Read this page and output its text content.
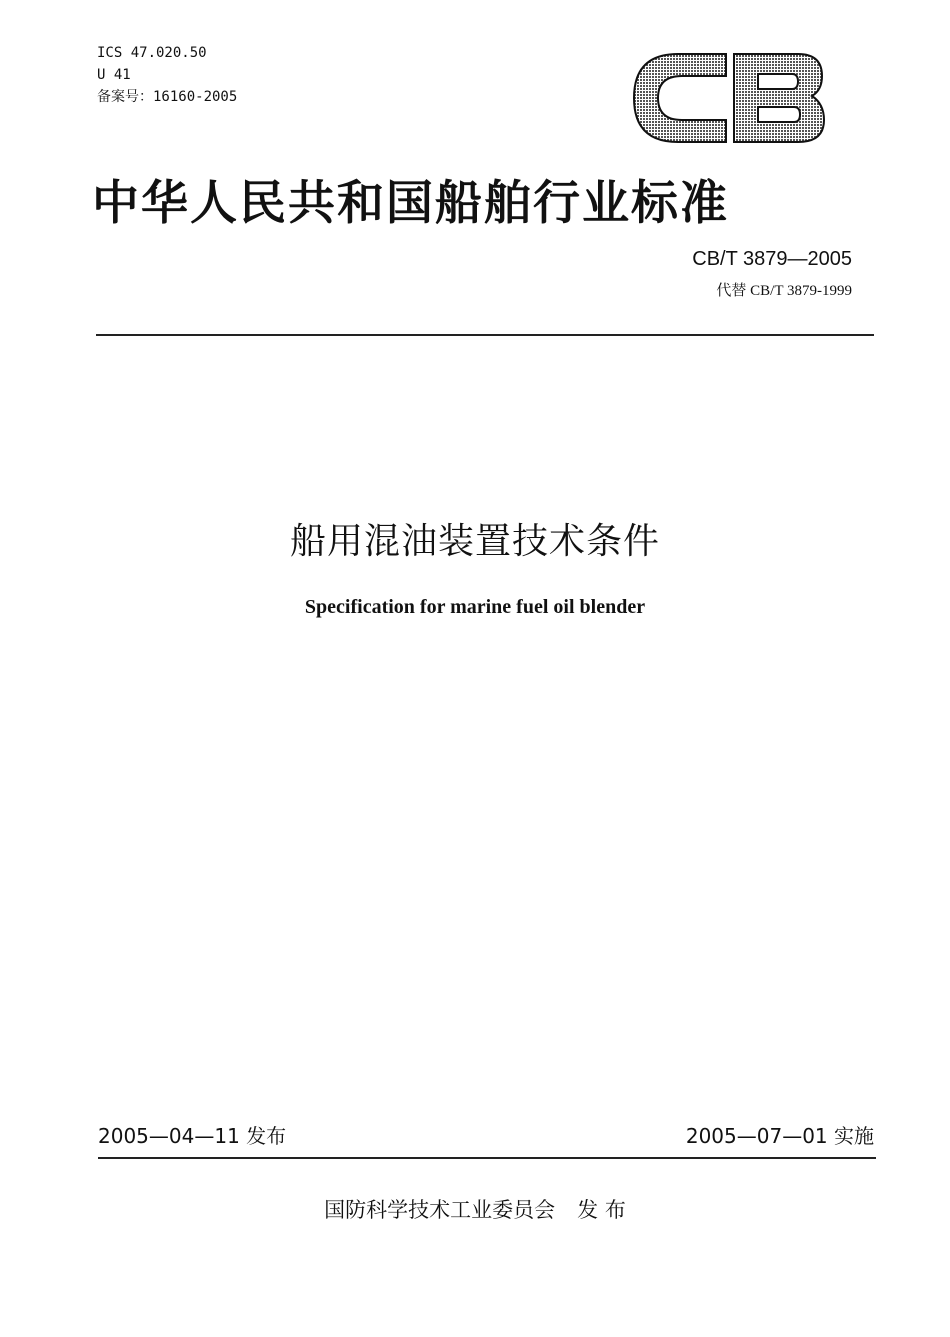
ICS 47.020.50
U 41
备案号：16160-2005
中华人民共和国船舶行业标准
CB/T 3879—2005
代替 CB/T 3879-1999
船用混油装置技术条件
Specification for marine fuel oil blender
2005—04—11 发布	2005—07—01 实施
国防科学技术工业委员会 发 布
